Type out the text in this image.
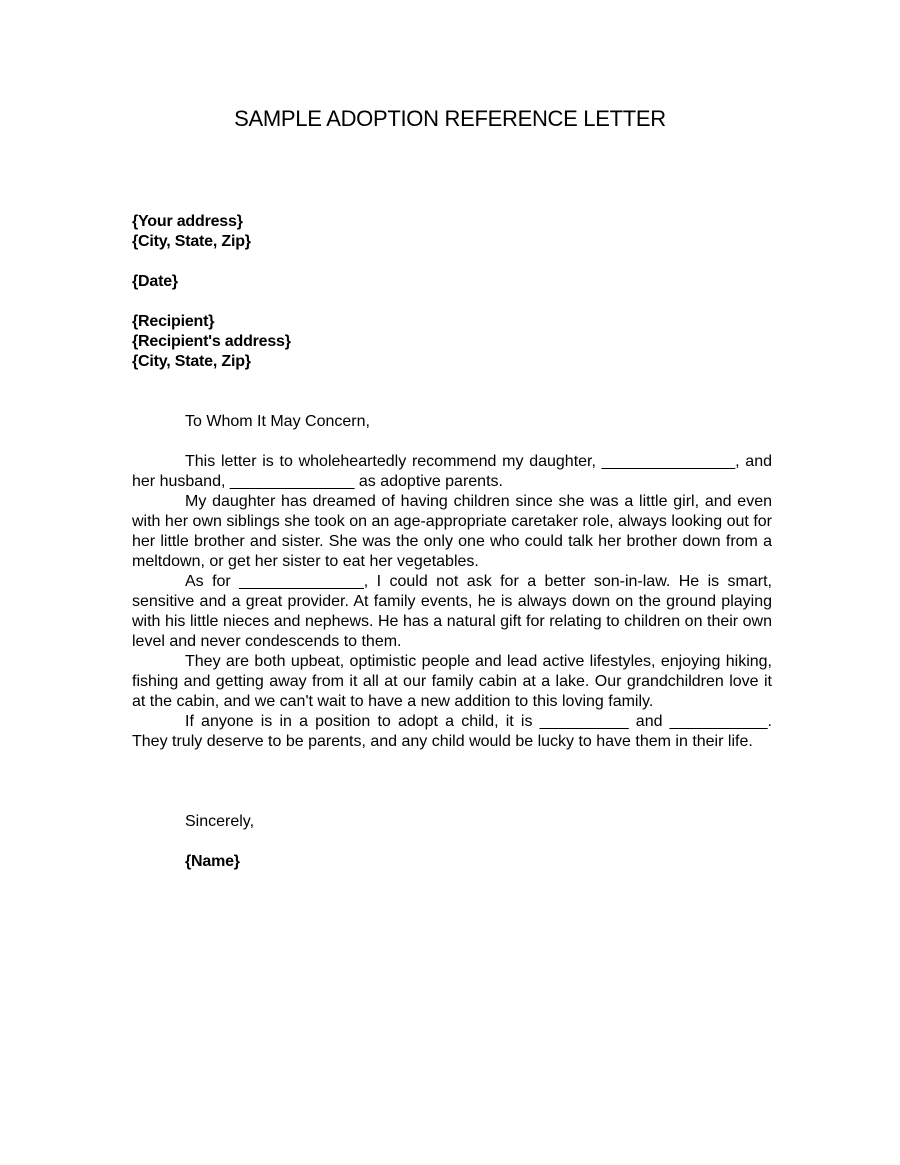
SAMPLE ADOPTION REFERENCE LETTER
{Your address}
{City, State, Zip}
{Date}
{Recipient}
{Recipient's address}
{City, State, Zip}
To Whom It May Concern,

This letter is to wholeheartedly recommend my daughter, _______________, and her husband, ______________ as adoptive parents.

My daughter has dreamed of having children since she was a little girl, and even with her own siblings she took on an age-appropriate caretaker role, always looking out for her little brother and sister. She was the only one who could talk her brother down from a meltdown, or get her sister to eat her vegetables.

As for ______________, I could not ask for a better son-in-law. He is smart, sensitive and a great provider. At family events, he is always down on the ground playing with his little nieces and nephews. He has a natural gift for relating to children on their own level and never condescends to them.

They are both upbeat, optimistic people and lead active lifestyles, enjoying hiking, fishing and getting away from it all at our family cabin at a lake. Our grandchildren love it at the cabin, and we can't wait to have a new addition to this loving family.

If anyone is in a position to adopt a child, it is __________ and ___________. They truly deserve to be parents, and any child would be lucky to have them in their life.

Sincerely,
{Name}
